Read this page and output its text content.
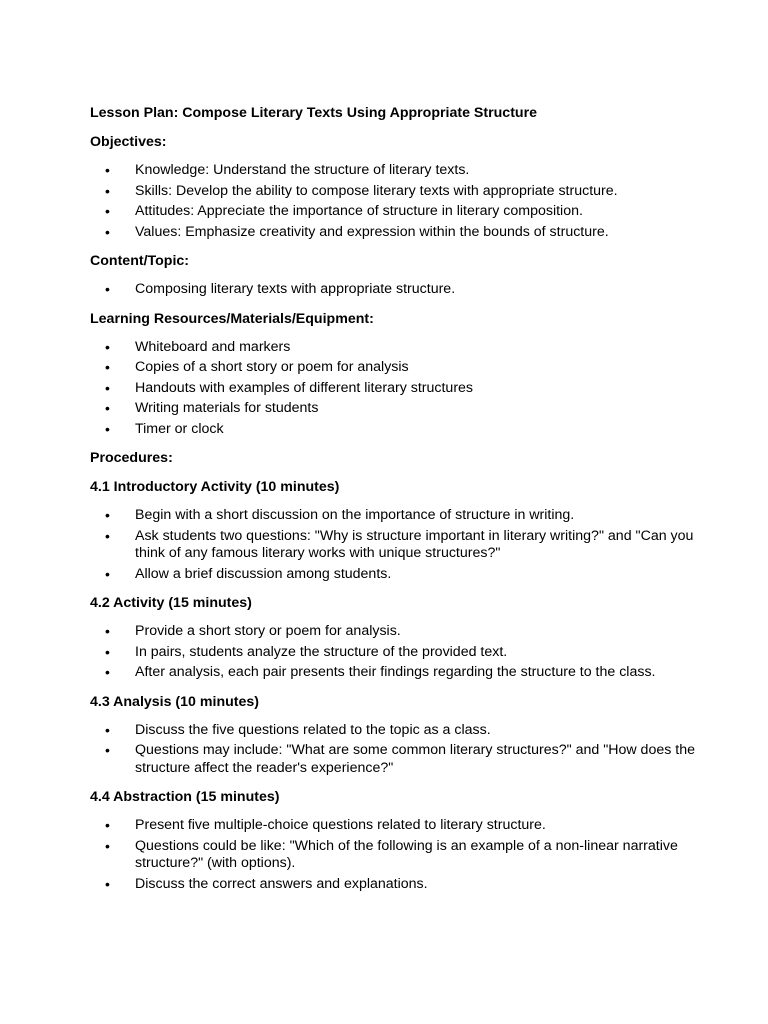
Lesson Plan: Compose Literary Texts Using Appropriate Structure
Objectives:
• Knowledge: Understand the structure of literary texts.
• Skills: Develop the ability to compose literary texts with appropriate structure.
• Attitudes: Appreciate the importance of structure in literary composition.
• Values: Emphasize creativity and expression within the bounds of structure.
Content/Topic:
• Composing literary texts with appropriate structure.
Learning Resources/Materials/Equipment:
• Whiteboard and markers
• Copies of a short story or poem for analysis
• Handouts with examples of different literary structures
• Writing materials for students
• Timer or clock
Procedures:
4.1 Introductory Activity (10 minutes)
• Begin with a short discussion on the importance of structure in writing.
• Ask students two questions: "Why is structure important in literary writing?" and "Can you think of any famous literary works with unique structures?"
• Allow a brief discussion among students.
4.2 Activity (15 minutes)
• Provide a short story or poem for analysis.
• In pairs, students analyze the structure of the provided text.
• After analysis, each pair presents their findings regarding the structure to the class.
4.3 Analysis (10 minutes)
• Discuss the five questions related to the topic as a class.
• Questions may include: "What are some common literary structures?" and "How does the structure affect the reader's experience?"
4.4 Abstraction (15 minutes)
• Present five multiple-choice questions related to literary structure.
• Questions could be like: "Which of the following is an example of a non-linear narrative structure?" (with options).
• Discuss the correct answers and explanations.
